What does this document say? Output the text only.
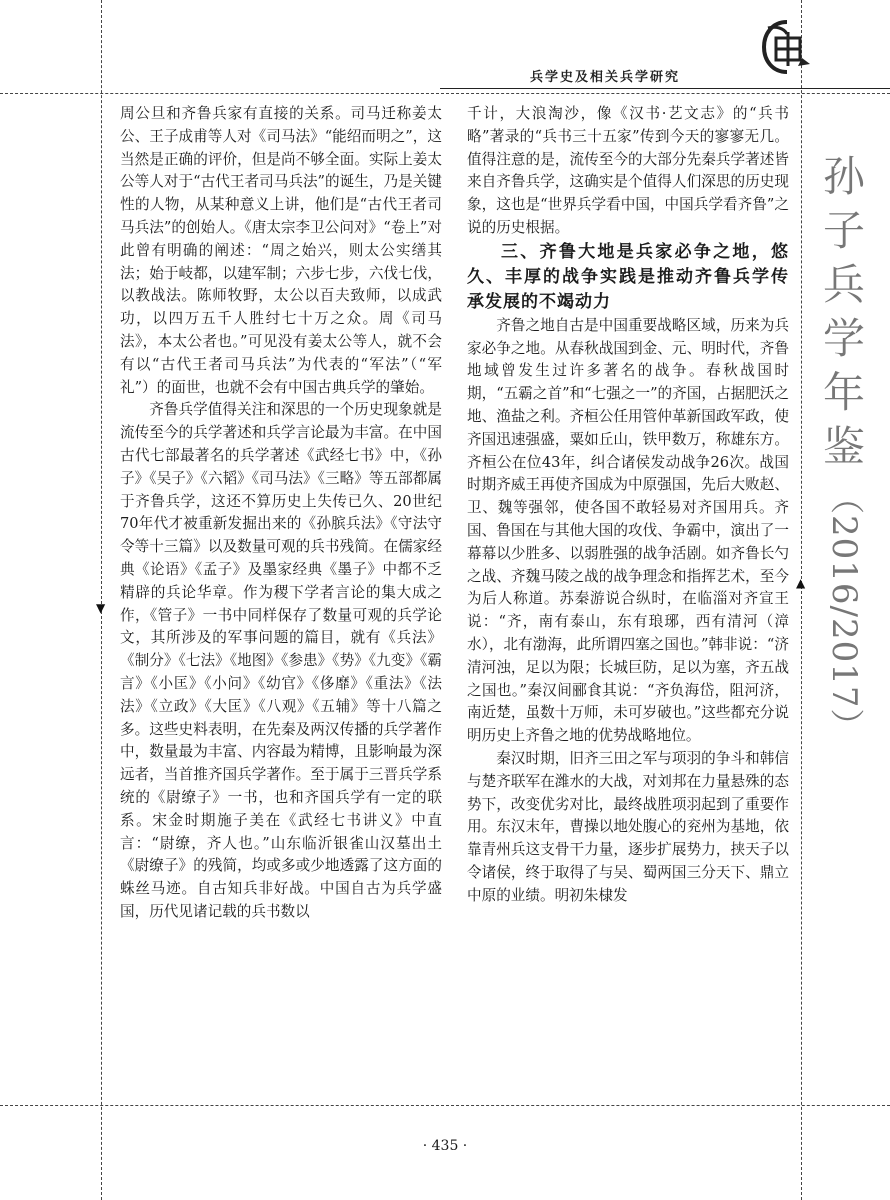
▼
▲
兵学史及相关兵学研究

周公旦和齐鲁兵家有直接的关系。司马迁称姜太公、王子成甫等人对《司马法》“能绍而明之”，这当然是正确的评价，但是尚不够全面。实际上姜太公等人对于“古代王者司马兵法”的诞生，乃是关键性的人物，从某种意义上讲，他们是“古代王者司马兵法”的创始人。《唐太宗李卫公问对》“卷上”对此曾有明确的阐述：“周之始兴，则太公实缮其法；始于岐都，以建军制；六步七步，六伐七伐，以教战法。陈师牧野，太公以百夫致师，以成武功，以四万五千人胜纣七十万之众。周《司马法》，本太公者也。”可见没有姜太公等人，就不会有以“古代王者司马兵法”为代表的“军法”（“军礼”）的面世，也就不会有中国古典兵学的肇始。

齐鲁兵学值得关注和深思的一个历史现象就是流传至今的兵学著述和兵学言论最为丰富。在中国古代七部最著名的兵学著述《武经七书》中，《孙子》《吴子》《六韬》《司马法》《三略》等五部都属于齐鲁兵学，这还不算历史上失传已久、20世纪70年代才被重新发掘出来的《孙膑兵法》《守法守令等十三篇》以及数量可观的兵书残简。在儒家经典《论语》《孟子》及墨家经典《墨子》中都不乏精辟的兵论华章。作为稷下学者言论的集大成之作，《管子》一书中同样保存了数量可观的兵学论文，其所涉及的军事问题的篇目，就有《兵法》《制分》《七法》《地图》《参患》《势》《九变》《霸言》《小匡》《小问》《幼官》《侈靡》《重法》《法法》《立政》《大匡》《八观》《五辅》等十八篇之多。这些史料表明，在先秦及两汉传播的兵学著作中，数量最为丰富、内容最为精博，且影响最为深远者，当首推齐国兵学著作。至于属于三晋兵学系统的《尉缭子》一书，也和齐国兵学有一定的联系。宋金时期施子美在《武经七书讲义》中直言：“尉缭，齐人也。”山东临沂银雀山汉墓出土《尉缭子》的残简，均或多或少地透露了这方面的蛛丝马迹。自古知兵非好战。中国自古为兵学盛国，历代见诸记载的兵书数以

千计，大浪淘沙，像《汉书·艺文志》的“兵书略”著录的“兵书三十五家”传到今天的寥寥无几。值得注意的是，流传至今的大部分先秦兵学著述皆来自齐鲁兵学，这确实是个值得人们深思的历史现象，这也是“世界兵学看中国，中国兵学看齐鲁”之说的历史根据。

三、齐鲁大地是兵家必争之地，悠久、丰厚的战争实践是推动齐鲁兵学传承发展的不竭动力

齐鲁之地自古是中国重要战略区域，历来为兵家必争之地。从春秋战国到金、元、明时代，齐鲁地域曾发生过许多著名的战争。春秋战国时期，“五霸之首”和“七强之一”的齐国，占据肥沃之地、渔盐之利。齐桓公任用管仲革新国政军政，使齐国迅速强盛，粟如丘山，铁甲数万，称雄东方。齐桓公在位43年，纠合诸侯发动战争26次。战国时期齐威王再使齐国成为中原强国，先后大败赵、卫、魏等强邻，使各国不敢轻易对齐国用兵。齐国、鲁国在与其他大国的攻伐、争霸中，演出了一幕幕以少胜多、以弱胜强的战争活剧。如齐鲁长勺之战、齐魏马陵之战的战争理念和指挥艺术，至今为后人称道。苏秦游说合纵时，在临淄对齐宣王说：“齐，南有泰山，东有琅琊，西有清河（漳水），北有渤海，此所谓四塞之国也。”韩非说：“济清河浊，足以为限；长城巨防，足以为塞，齐五战之国也。”秦汉间郦食其说：“齐负海岱，阻河济，南近楚，虽数十万师，未可岁破也。”这些都充分说明历史上齐鲁之地的优势战略地位。

秦汉时期，旧齐三田之军与项羽的争斗和韩信与楚齐联军在潍水的大战，对刘邦在力量悬殊的态势下，改变优劣对比，最终战胜项羽起到了重要作用。东汉末年，曹操以地处腹心的兖州为基地，依靠青州兵这支骨干力量，逐步扩展势力，挟天子以令诸侯，终于取得了与吴、蜀两国三分天下、鼎立中原的业绩。明初朱棣发

孙
子
兵
学
年
鉴
（2016/2017）
· 435 ·
